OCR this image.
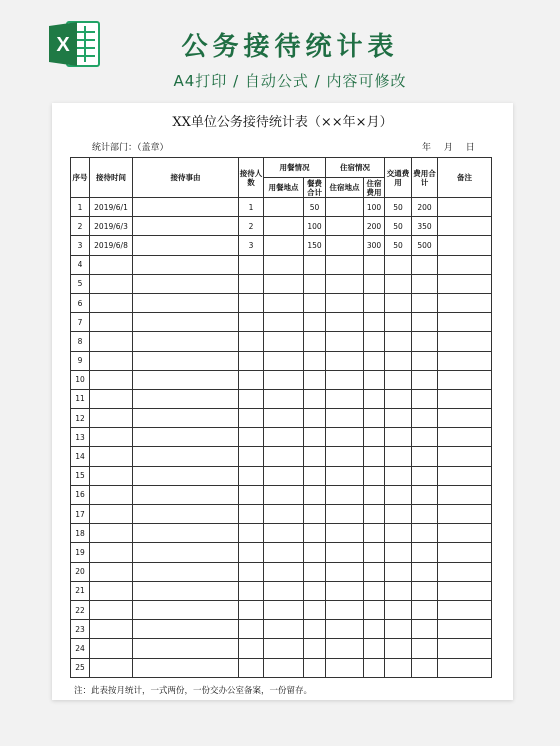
X	公务接待统计表
A4打印 / 自动公式 / 内容可修改
XX单位公务接待统计表（××年×月）
统计部门：（盖章）	年 月 日
序号	接待时间	接待事由	接待人数	用餐情况		住宿情况		交通费用	费用合计	备注
				用餐地点	餐费合计	住宿地点	住宿费用			
1	2019/6/1		1		50		100	50	200	
2	2019/6/3		2		100		200	50	350	
3	2019/6/8		3		150		300	50	500	
4										
5										
6										
7										
8										
9										
10										
11										
12										
13										
14										
15										
16										
17										
18										
19										
20										
21										
22										
23										
24										
25										
注：此表按月统计，一式两份，一份交办公室备案，一份留存。
